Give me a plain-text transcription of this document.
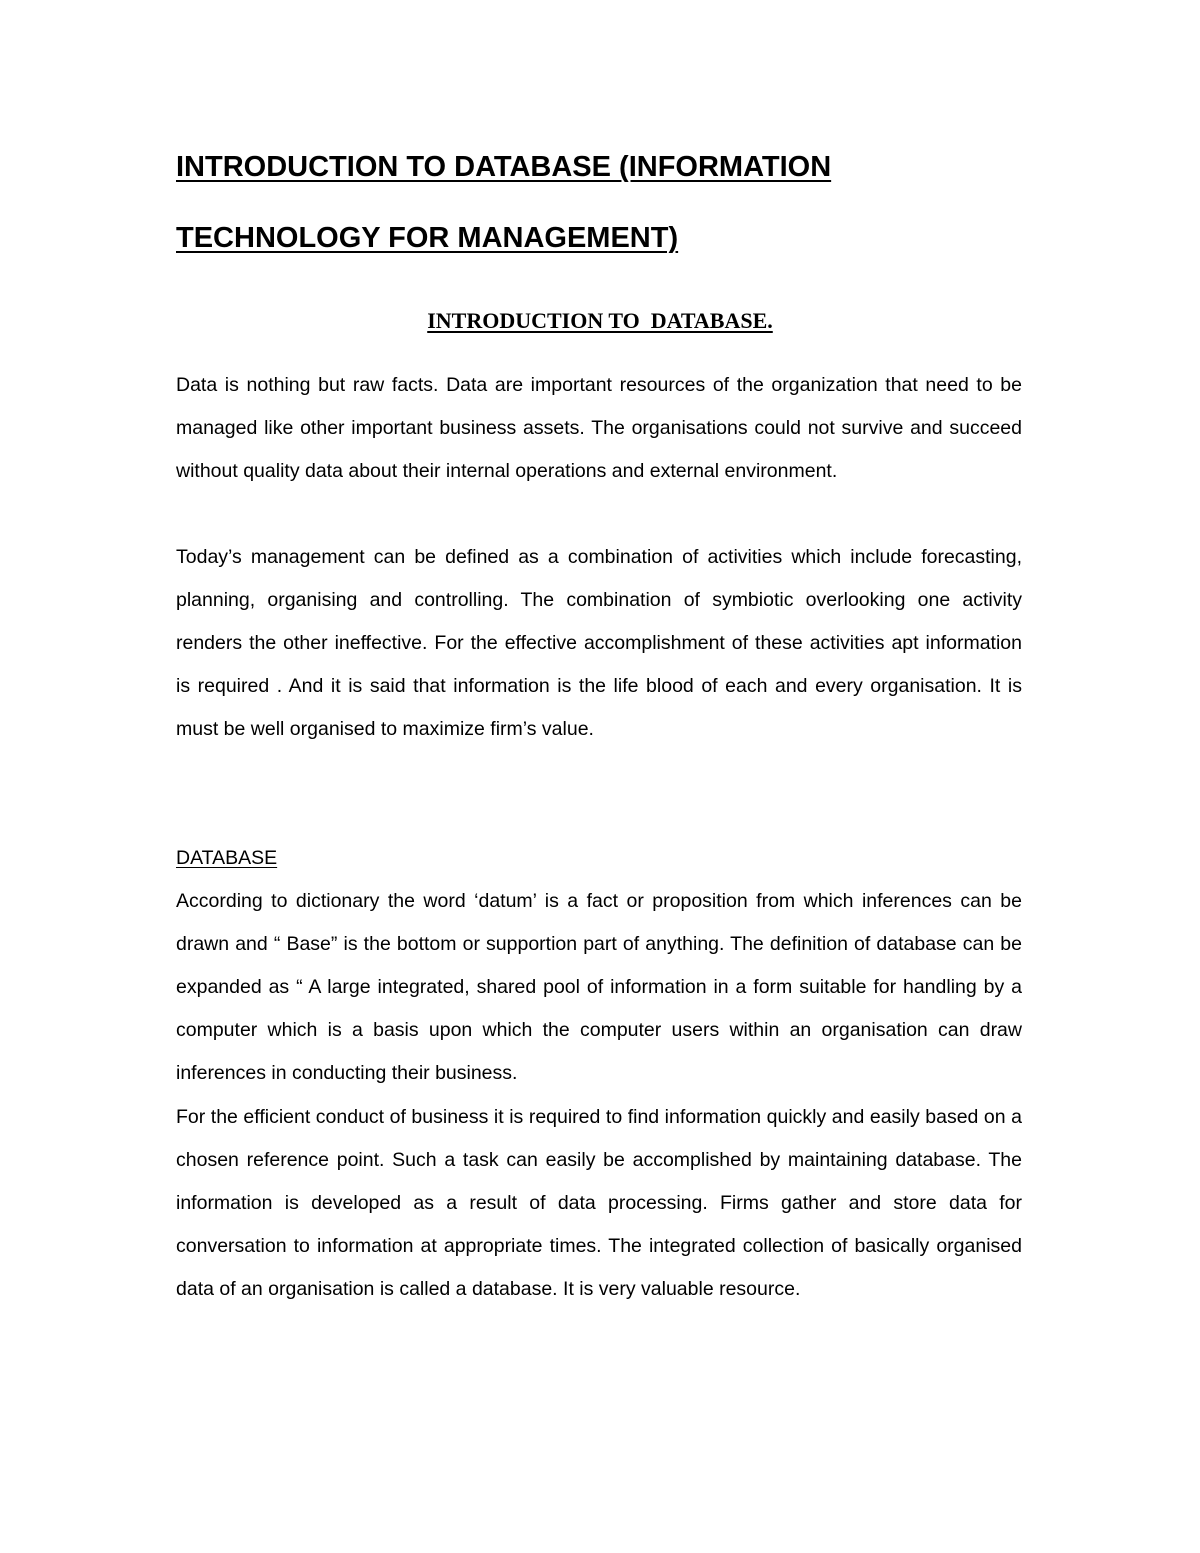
INTRODUCTION TO DATABASE (INFORMATION
TECHNOLOGY FOR MANAGEMENT)
INTRODUCTION TO  DATABASE.

Data is nothing but raw facts. Data are important resources of the organization that need to be managed like other important business assets. The organisations could not survive and succeed without quality data about their internal operations and external environment.

Today’s management can be defined as a combination of activities which include forecasting, planning, organising and controlling. The combination of symbiotic overlooking one activity renders the other ineffective. For the effective accomplishment of these activities apt information is required . And it is said that information is the life blood of each and every organisation. It is must be well organised to maximize firm’s value.

DATABASE

According to dictionary the word ‘datum’ is a fact or proposition from which inferences can be drawn and “ Base” is the bottom or supportion part of anything. The definition of database can be expanded as “ A large integrated, shared pool of information in a form suitable for handling by a computer which is a basis upon which the computer users within an organisation can draw inferences in conducting their business.

For the efficient conduct of business it is required to find information quickly and easily based on a chosen reference point. Such a task can easily be accomplished by maintaining database. The information is developed as a result of data processing. Firms gather and store data for conversation to information at appropriate times. The integrated collection of basically organised data of an organisation is called a database. It is very valuable resource.
